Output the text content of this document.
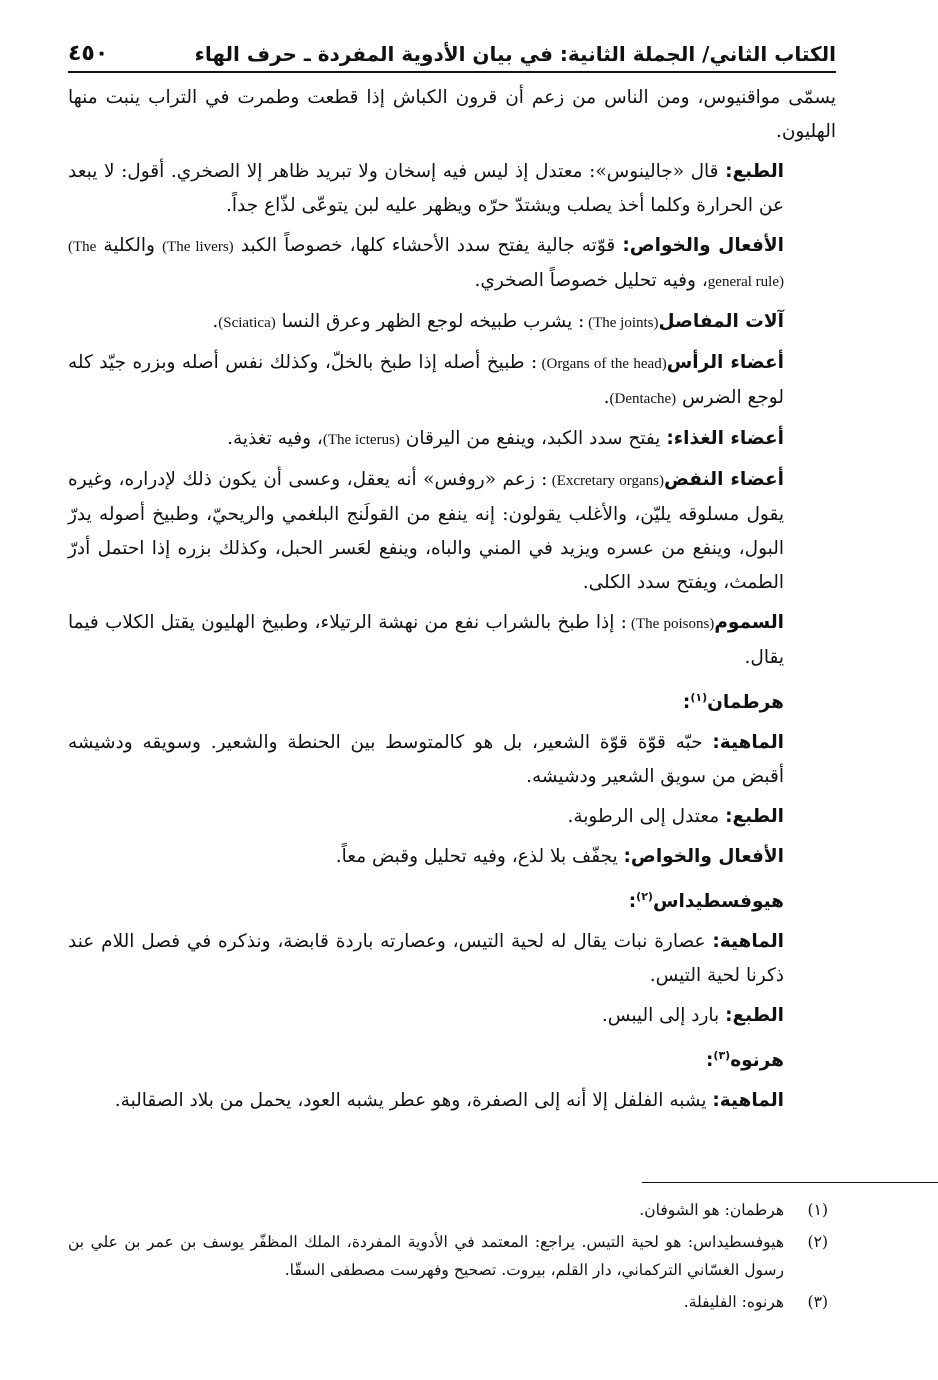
الكتاب الثاني/ الجملة الثانية: في بيان الأدوية المفردة ـ حرف الهاء
٤٥٠

يسمّى مواقنيوس، ومن الناس من زعم أن قرون الكباش إذا قطعت وطمرت في التراب ينبت منها الهليون.

الطبع: قال «جالينوس»: معتدل إذ ليس فيه إسخان ولا تبريد ظاهر إلا الصخري. أقول: لا يبعد عن الحرارة وكلما أخذ يصلب ويشتدّ حرّه ويظهر عليه لبن يتوعّى لذّاع جداً.

الأفعال والخواص: قوّته جالية يفتح سدد الأحشاء كلها، خصوصاً الكبد (The livers) والكلية (The general rule)، وفيه تحليل خصوصاً الصخري.

آلات المفاصل (The joints): يشرب طبيخه لوجع الظهر وعرق النسا (Sciatica).

أعضاء الرأس (Organs of the head): طبيخ أصله إذا طبخ بالخلّ، وكذلك نفس أصله وبزره جيّد كله لوجع الضرس (Dentache).

أعضاء الغذاء: يفتح سدد الكبد، وينفع من اليرقان (The icterus)، وفيه تغذية.

أعضاء النفض (Excretary organs): زعم «روفس» أنه يعقل، وعسى أن يكون ذلك لإدراره، وغيره يقول مسلوقه يليّن، والأغلب يقولون: إنه ينفع من القولَنج البلغمي والريحيّ، وطبيخ أصوله يدرّ البول، وينفع من عسره ويزيد في المني والباه، وينفع لعَسر الحبل، وكذلك بزره إذا احتمل أدرّ الطمث، ويفتح سدد الكلى.

السموم (The poisons): إذا طبخ بالشراب نفع من نهشة الرتيلاء، وطبيخ الهليون يقتل الكلاب فيما يقال.

هرطمان$^{(١)}$:

الماهية: حبّه قوّة قوّة الشعير، بل هو كالمتوسط بين الحنطة والشعير. وسويقه ودشيشه أقبض من سويق الشعير ودشيشه.

الطبع: معتدل إلى الرطوبة.

الأفعال والخواص: يجفّف بلا لذع، وفيه تحليل وقبض معاً.

هيوفسطيداس$^{(٢)}$:

الماهية: عصارة نبات يقال له لحية التيس، وعصارته باردة قابضة، ونذكره في فصل اللام عند ذكرنا لحية التيس.

الطبع: بارد إلى اليبس.

هرنوه$^{(٣)}$:

الماهية: يشبه الفلفل إلا أنه إلى الصفرة، وهو عطر يشبه العود، يحمل من بلاد الصقالبة.

(١)
هرطمان: هو الشوفان.
(٢)
هيوفسطيداس: هو لحية التيس. يراجع: المعتمد في الأدوية المفردة، الملك المظفّر يوسف بن عمر بن علي بن رسول الغسّاني التركماني، دار القلم، بيروت. تصحيح وفهرست مصطفى السقّا.
(٣)
هرنوه: الفليفلة.
